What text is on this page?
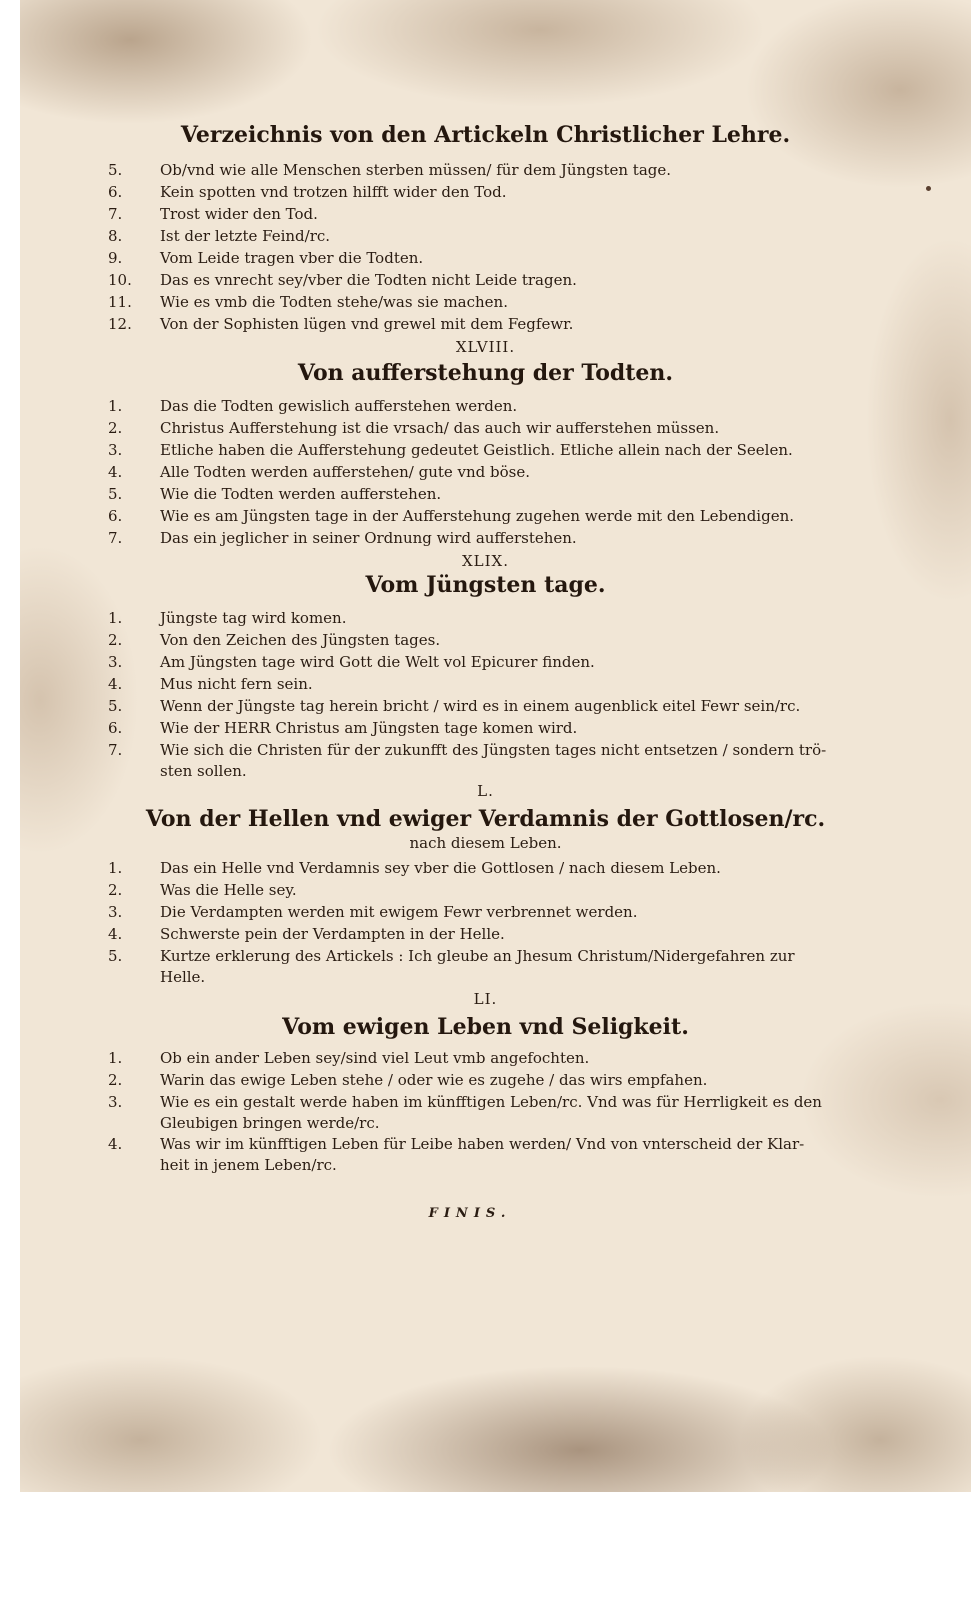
Verzeichnis von den Artickeln Christlicher Lehre.
5.	Ob/vnd wie alle Menschen sterben müssen/ für dem Jüngsten tage.
6.	Kein spotten vnd trotzen hilfft wider den Tod.
7.	Trost wider den Tod.
8.	Ist der letzte Feind/rc.
9.	Vom Leide tragen vber die Todten.
10.	Das es vnrecht sey/vber die Todten nicht Leide tragen.
11.	Wie es vmb die Todten stehe/was sie machen.
12.	Von der Sophisten lügen vnd grewel mit dem Fegfewr.
XLVIII.
Von aufferstehung der Todten.
1.	Das die Todten gewislich aufferstehen werden.
2.	Christus Aufferstehung ist die vrsach/ das auch wir aufferstehen müssen.
3.	Etliche haben die Aufferstehung gedeutet Geistlich. Etliche allein nach der Seelen.
4.	Alle Todten werden aufferstehen/ gute vnd böse.
5.	Wie die Todten werden aufferstehen.
6.	Wie es am Jüngsten tage in der Aufferstehung zugehen werde mit den Lebendigen.
7.	Das ein jeglicher in seiner Ordnung wird aufferstehen.
XLIX.
Vom Jüngsten tage.
1.	Jüngste tag wird komen.
2.	Von den Zeichen des Jüngsten tages.
3.	Am Jüngsten tage wird Gott die Welt vol Epicurer finden.
4.	Mus nicht fern sein.
5.	Wenn der Jüngste tag herein bricht / wird es in einem augenblick eitel Fewr sein/rc.
6.	Wie der HERR Christus am Jüngsten tage komen wird.
7.	Wie sich die Christen für der zukunfft des Jüngsten tages nicht entsetzen / sondern trö-sten sollen.
L.
Von der Hellen vnd ewiger Verdamnis der Gottlosen/rc.
nach diesem Leben.
1.	Das ein Helle vnd Verdamnis sey vber die Gottlosen / nach diesem Leben.
2.	Was die Helle sey.
3.	Die Verdampten werden mit ewigem Fewr verbrennet werden.
4.	Schwerste pein der Verdampten in der Helle.
5.	Kurtze erklerung des Artickels : Ich gleube an Jhesum Christum/Nidergefahren zur Helle.
LI.
Vom ewigen Leben vnd Seligkeit.
1.	Ob ein ander Leben sey/sind viel Leut vmb angefochten.
2.	Warin das ewige Leben stehe / oder wie es zugehe / das wirs empfahen.
3.	Wie es ein gestalt werde haben im künfftigen Leben/rc. Vnd was für Herrligkeit es den Gleubigen bringen werde/rc.
4.	Was wir im künfftigen Leben für Leibe haben werden/ Vnd von vnterscheid der Klar-heit in jenem Leben/rc.
FINIS.
